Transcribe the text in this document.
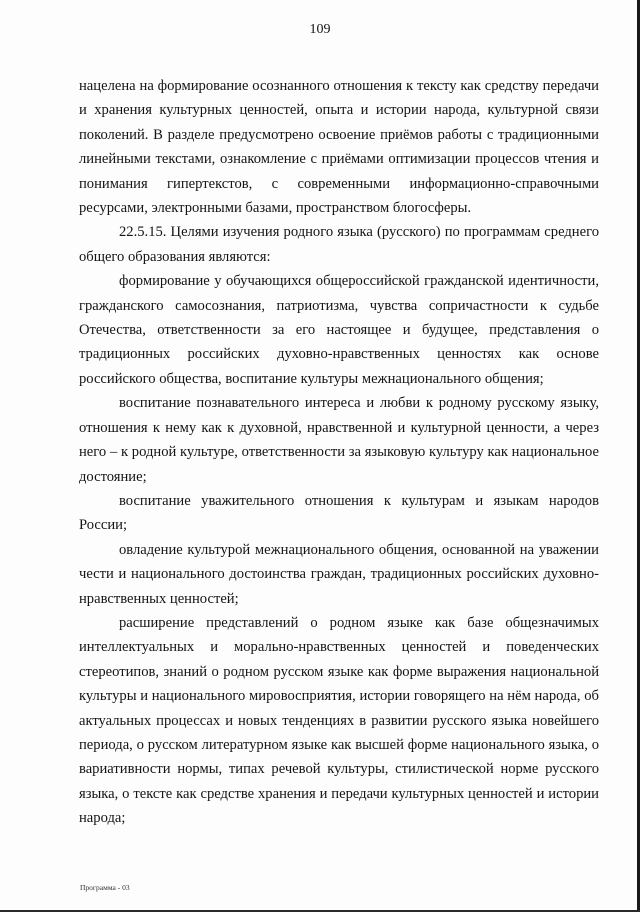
109

нацелена на формирование осознанного отношения к тексту как средству передачи и хранения культурных ценностей, опыта и истории народа, культурной связи поколений. В разделе предусмотрено освоение приёмов работы с традиционными линейными текстами, ознакомление с приёмами оптимизации процессов чтения и понимания гипертекстов, с современными информационно-справочными ресурсами, электронными базами, пространством блогосферы.

22.5.15. Целями изучения родного языка (русского) по программам среднего общего образования являются:

формирование у обучающихся общероссийской гражданской идентичности, гражданского самосознания, патриотизма, чувства сопричастности к судьбе Отечества, ответственности за его настоящее и будущее, представления о традиционных российских духовно-нравственных ценностях как основе российского общества, воспитание культуры межнационального общения;

воспитание познавательного интереса и любви к родному русскому языку, отношения к нему как к духовной, нравственной и культурной ценности, а через него – к родной культуре, ответственности за языковую культуру как национальное достояние;

воспитание уважительного отношения к культурам и языкам народов России;

овладение культурой межнационального общения, основанной на уважении чести и национального достоинства граждан, традиционных российских духовно-нравственных ценностей;

расширение представлений о родном языке как базе общезначимых интеллектуальных и морально-нравственных ценностей и поведенческих стереотипов, знаний о родном русском языке как форме выражения национальной культуры и национального мировосприятия, истории говорящего на нём народа, об актуальных процессах и новых тенденциях в развитии русского языка новейшего периода, о русском литературном языке как высшей форме национального языка, о вариативности нормы, типах речевой культуры, стилистической норме русского языка, о тексте как средстве хранения и передачи культурных ценностей и истории народа;

Программа - 03
